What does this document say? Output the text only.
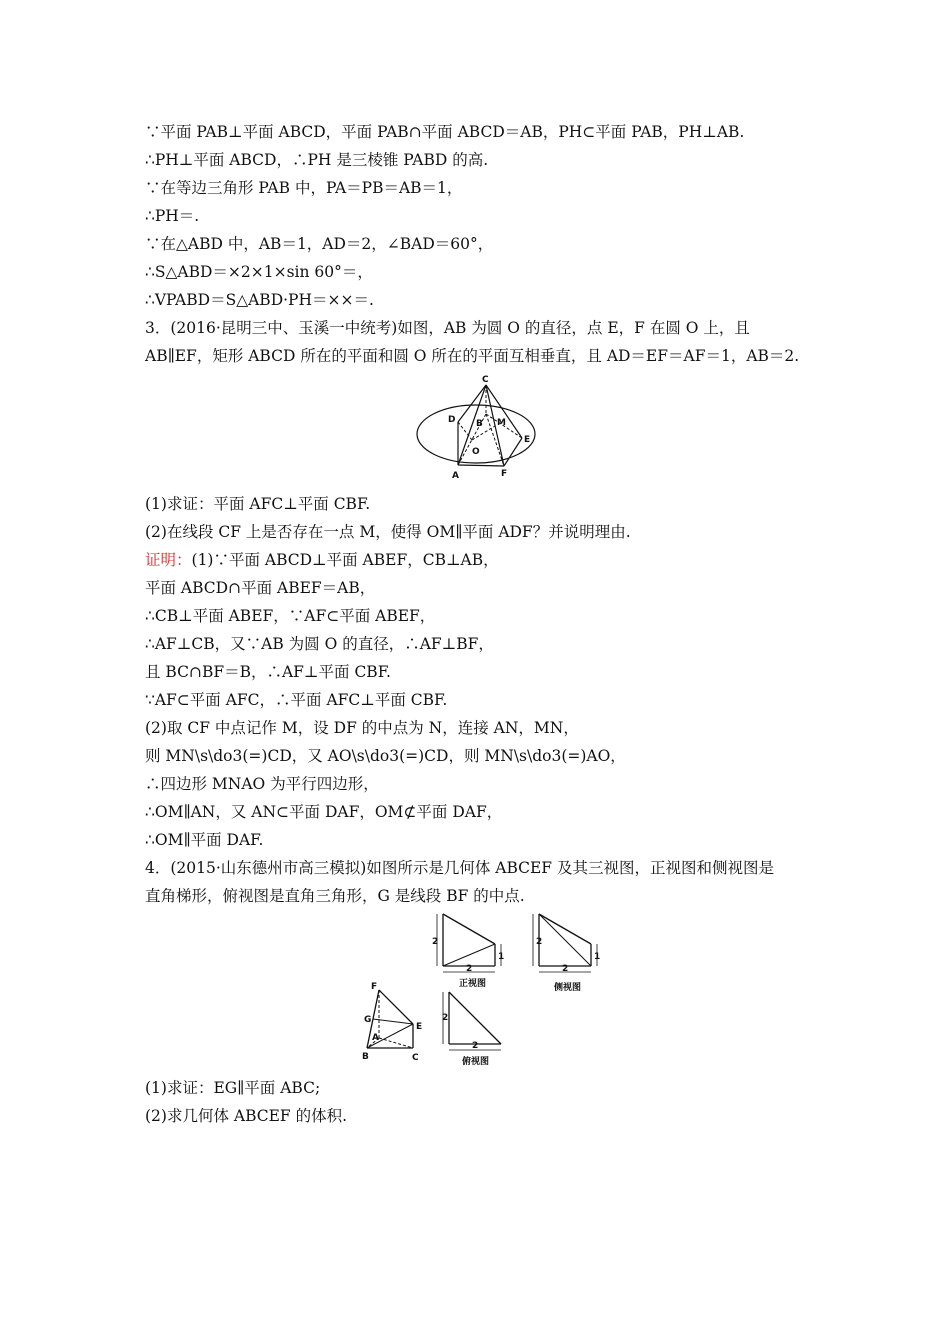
∵平面 PAB⊥平面 ABCD，平面 PAB∩平面 ABCD＝AB，PH⊂平面 PAB，PH⊥AB.
∴PH⊥平面 ABCD，∴PH 是三棱锥 PABD 的高.
∵在等边三角形 PAB 中，PA＝PB＝AB＝1，
∴PH＝.
∵在△ABD 中，AB＝1，AD＝2，∠BAD＝60°，
∴S△ABD＝×2×1×sin 60°＝，
∴VPABD＝S△ABD·PH＝××＝.
3．(2016·昆明三中、玉溪一中统考)如图，AB 为圆 O 的直径，点 E，F 在圆 O 上，且
AB∥EF，矩形 ABCD 所在的平面和圆 O 所在的平面互相垂直，且 AD＝EF＝AF＝1，AB＝2.
C
D B M
E
O
A	F
(1)求证：平面 AFC⊥平面 CBF.
(2)在线段 CF 上是否存在一点 M，使得 OM∥平面 ADF？并说明理由.
证明：(1)∵平面 ABCD⊥平面 ABEF，CB⊥AB，
平面 ABCD∩平面 ABEF＝AB，
∴CB⊥平面 ABEF，∵AF⊂平面 ABEF，
∴AF⊥CB，又∵AB 为圆 O 的直径，∴AF⊥BF，
且 BC∩BF＝B，∴AF⊥平面 CBF.
∵AF⊂平面 AFC，∴平面 AFC⊥平面 CBF.
(2)取 CF 中点记作 M，设 DF 的中点为 N，连接 AN，MN，
则 MN\s\do3(=)CD，又 AO\s\do3(=)CD，则 MN\s\do3(=)AO，
∴四边形 MNAO 为平行四边形，
∴OM∥AN，又 AN⊂平面 DAF，OM⊄平面 DAF，
∴OM∥平面 DAF.
4．(2015·山东德州市高三模拟)如图所示是几何体 ABCEF 及其三视图，正视图和侧视图是
直角梯形，俯视图是直角三角形，G 是线段 BF 的中点.
2
1
2
正视图
2
1
2
侧视图
2
2
俯视图
F
G
A
E
B	C
(1)求证：EG∥平面 ABC;
(2)求几何体 ABCEF 的体积.
